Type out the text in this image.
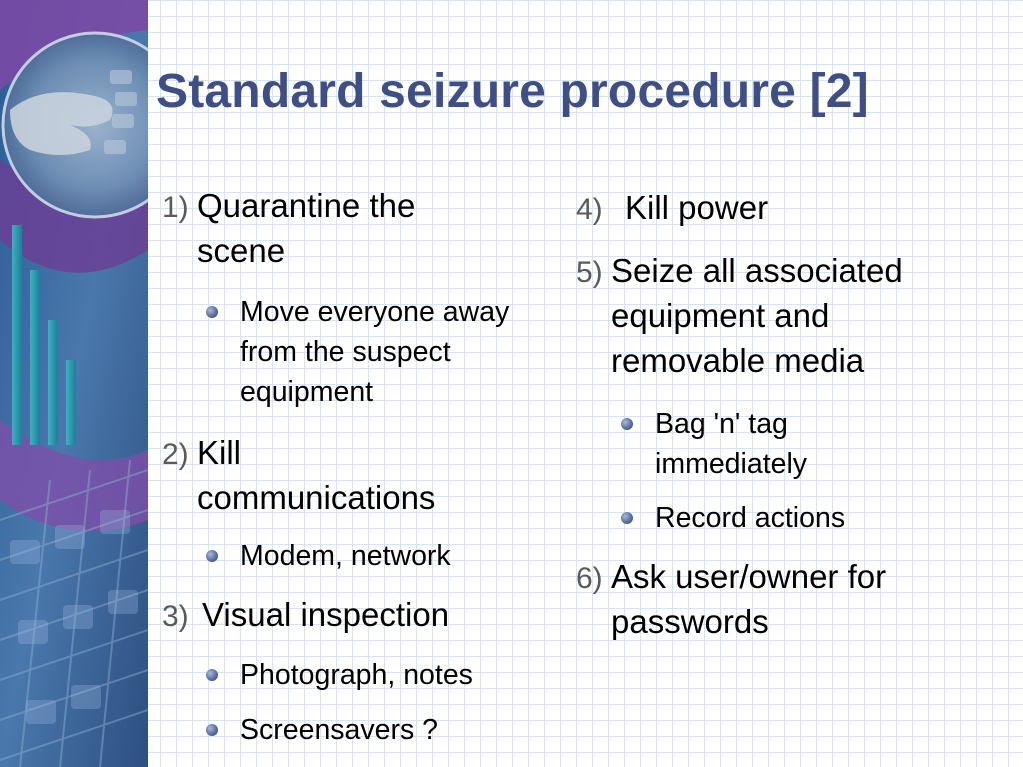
Standard seizure procedure [2]
1) Quarantine the scene
Move everyone away from the suspect equipment
2) Kill communications
Modem, network
3) Visual inspection
Photograph, notes
Screensavers ?
4) Kill power
5) Seize all associated equipment and removable media
Bag 'n' tag immediately
Record actions
6) Ask user/owner for passwords
